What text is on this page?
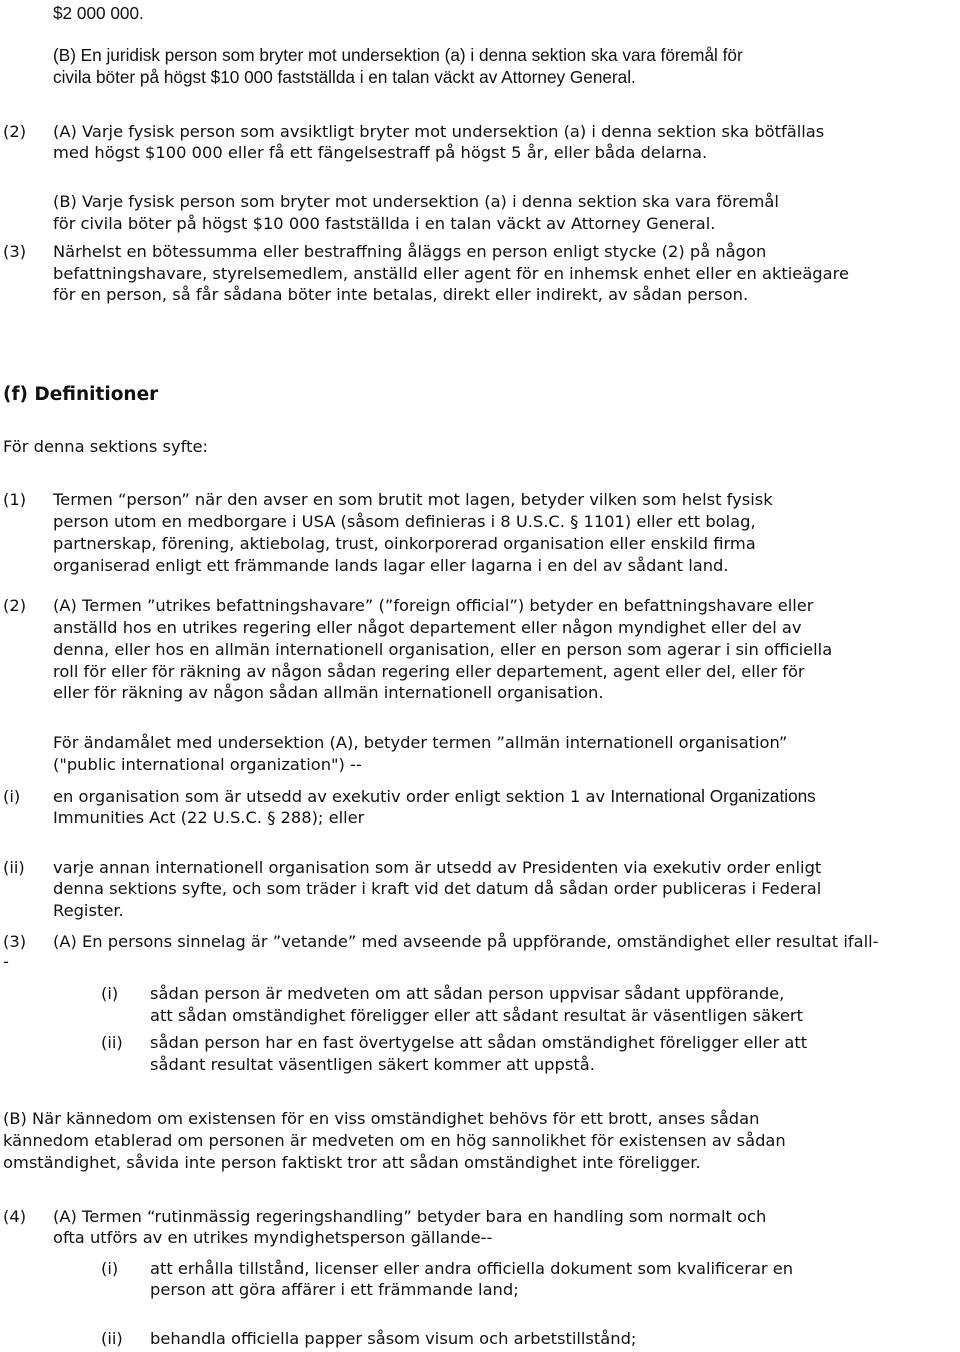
$2 000 000.
(B) En juridisk person som bryter mot undersektion (a) i denna sektion ska vara föremål för
civila böter på högst $10 000 fastställda i en talan väckt av Attorney General.
(2) (A) Varje fysisk person som avsiktligt bryter mot undersektion (a) i denna sektion ska bötfällas
med högst $100 000 eller få ett fängelsestraff på högst 5 år, eller båda delarna.
(B) Varje fysisk person som bryter mot undersektion (a) i denna sektion ska vara föremål
för civila böter på högst $10 000 fastställda i en talan väckt av Attorney General.
(3) Närhelst en bötessumma eller bestraffning åläggs en person enligt stycke (2) på någon
befattningshavare, styrelsemedlem, anställd eller agent för en inhemsk enhet eller en aktieägare
för en person, så får sådana böter inte betalas, direkt eller indirekt, av sådan person.
(f) Definitioner
För denna sektions syfte:
(1) Termen “person” när den avser en som brutit mot lagen, betyder vilken som helst fysisk
person utom en medborgare i USA (såsom definieras i 8 U.S.C. § 1101) eller ett bolag,
partnerskap, förening, aktiebolag, trust, oinkorporerad organisation eller enskild firma
organiserad enligt ett främmande lands lagar eller lagarna i en del av sådant land.
(2) (A) Termen ”utrikes befattningshavare” (”foreign official”) betyder en befattningshavare eller
anställd hos en utrikes regering eller något departement eller någon myndighet eller del av
denna, eller hos en allmän internationell organisation, eller en person som agerar i sin officiella
roll för eller för räkning av någon sådan regering eller departement, agent eller del, eller för
eller för räkning av någon sådan allmän internationell organisation.
För ändamålet med undersektion (A), betyder termen ”allmän internationell organisation”
("public international organization") --
(i) en organisation som är utsedd av exekutiv order enligt sektion 1 av International Organizations
Immunities Act (22 U.S.C. § 288); eller
(ii) varje annan internationell organisation som är utsedd av Presidenten via exekutiv order enligt
denna sektions syfte, och som träder i kraft vid det datum då sådan order publiceras i Federal
Register.
(3) (A) En persons sinnelag är ”vetande” med avseende på uppförande, omständighet eller resultat ifall-
-
(i) sådan person är medveten om att sådan person uppvisar sådant uppförande,
att sådan omständighet föreligger eller att sådant resultat är väsentligen säkert
(ii) sådan person har en fast övertygelse att sådan omständighet föreligger eller att
sådant resultat väsentligen säkert kommer att uppstå.
(B) När kännedom om existensen för en viss omständighet behövs för ett brott, anses sådan
kännedom etablerad om personen är medveten om en hög sannolikhet för existensen av sådan
omständighet, såvida inte person faktiskt tror att sådan omständighet inte föreligger.
(4) (A) Termen “rutinmässig regeringshandling” betyder bara en handling som normalt och
ofta utförs av en utrikes myndighetsperson gällande--
(i) att erhålla tillstånd, licenser eller andra officiella dokument som kvalificerar en
person att göra affärer i ett främmande land;
(ii) behandla officiella papper såsom visum och arbetstillstånd;
